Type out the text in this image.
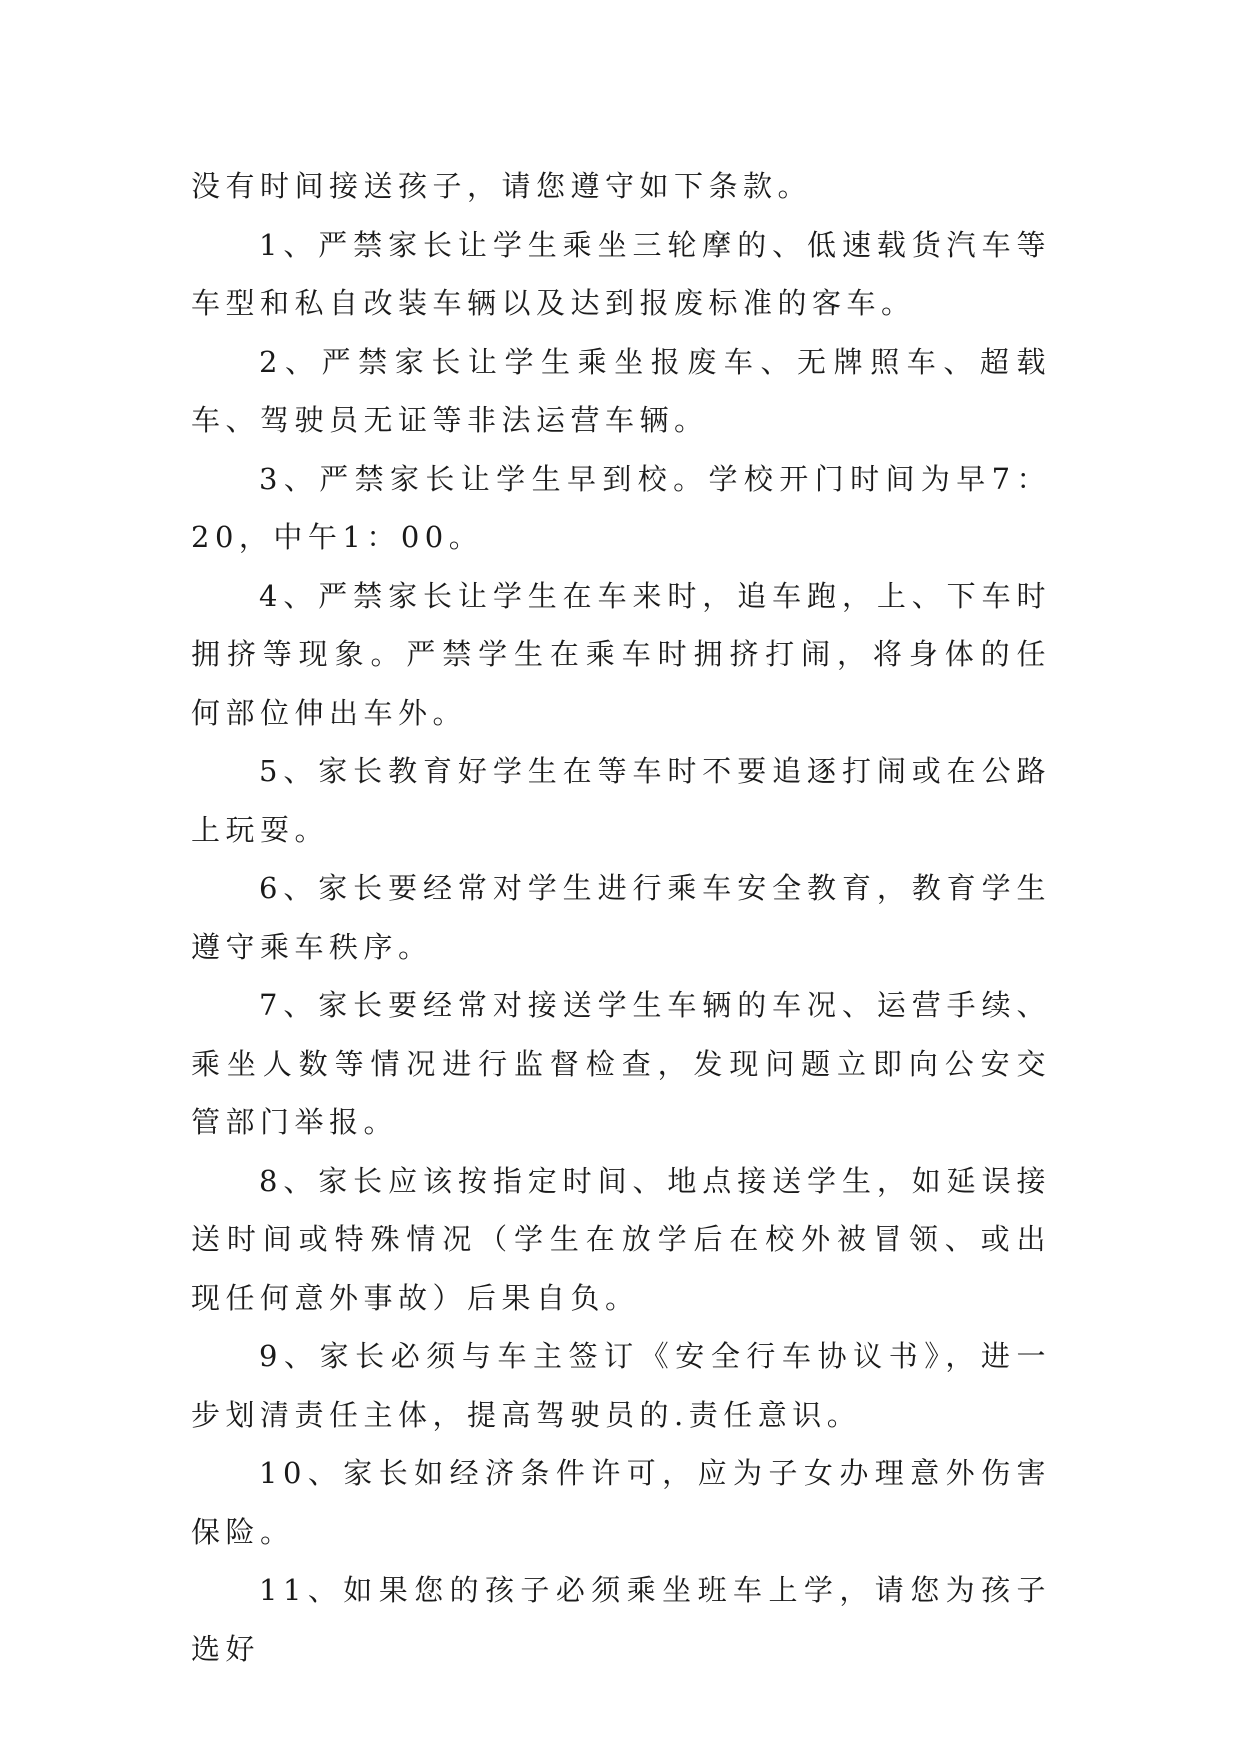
没有时间接送孩子，请您遵守如下条款。

1、严禁家长让学生乘坐三轮摩的、低速载货汽车等车型和私自改装车辆以及达到报废标准的客车。

2、严禁家长让学生乘坐报废车、无牌照车、超载车、驾驶员无证等非法运营车辆。

3、严禁家长让学生早到校。学校开门时间为早7：20，中午1：00。

4、严禁家长让学生在车来时，追车跑，上、下车时拥挤等现象。严禁学生在乘车时拥挤打闹，将身体的任何部位伸出车外。

5、家长教育好学生在等车时不要追逐打闹或在公路上玩耍。

6、家长要经常对学生进行乘车安全教育，教育学生遵守乘车秩序。

7、家长要经常对接送学生车辆的车况、运营手续、乘坐人数等情况进行监督检查，发现问题立即向公安交管部门举报。

8、家长应该按指定时间、地点接送学生，如延误接送时间或特殊情况（学生在放学后在校外被冒领、或出现任何意外事故）后果自负。

9、家长必须与车主签订《安全行车协议书》，进一步划清责任主体，提高驾驶员的.责任意识。

10、家长如经济条件许可，应为子女办理意外伤害保险。

11、如果您的孩子必须乘坐班车上学，请您为孩子选好
